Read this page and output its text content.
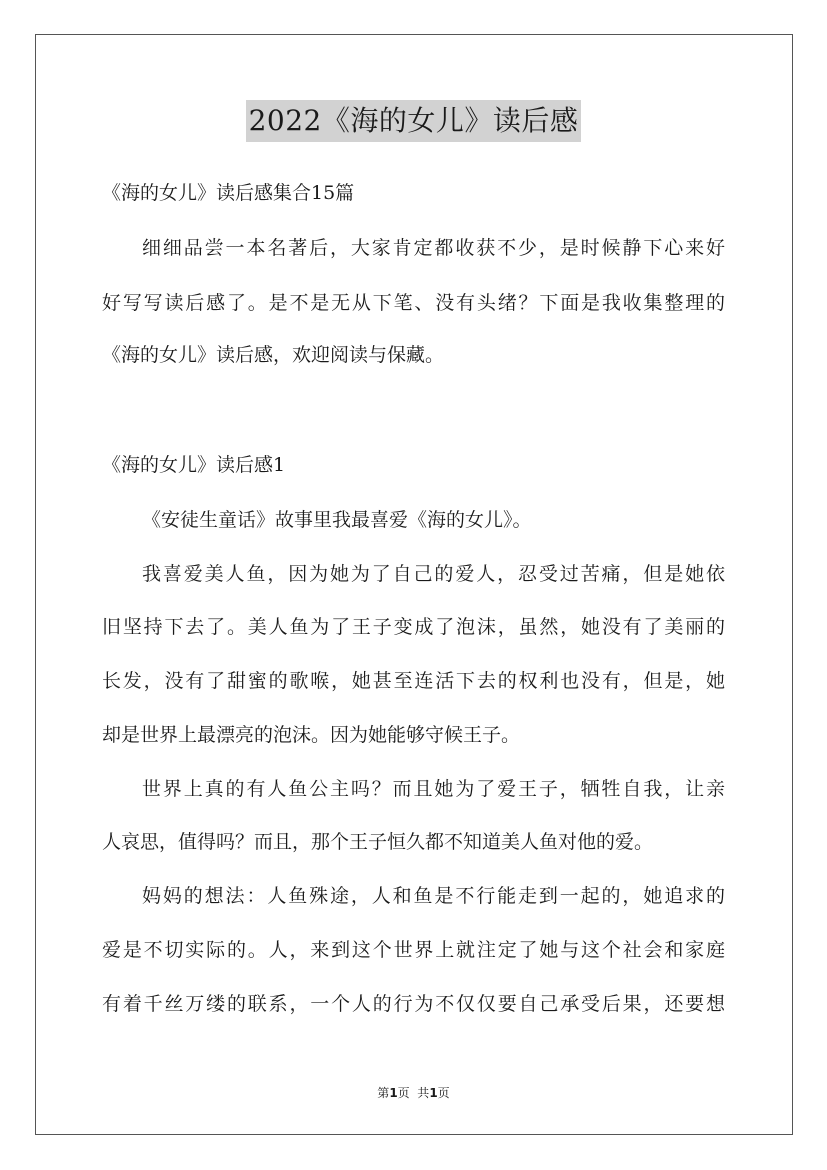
2022《海的女儿》读后感
《海的女儿》读后感集合15篇
细细品尝一本名著后，大家肯定都收获不少，是时候静下心来好
好写写读后感了。是不是无从下笔、没有头绪？下面是我收集整理的
《海的女儿》读后感，欢迎阅读与保藏。
《海的女儿》读后感1
《安徒生童话》故事里我最喜爱《海的女儿》。
我喜爱美人鱼，因为她为了自己的爱人，忍受过苦痛，但是她依
旧坚持下去了。美人鱼为了王子变成了泡沫，虽然，她没有了美丽的
长发，没有了甜蜜的歌喉，她甚至连活下去的权利也没有，但是，她
却是世界上最漂亮的泡沫。因为她能够守候王子。
世界上真的有人鱼公主吗？而且她为了爱王子，牺牲自我，让亲
人哀思，值得吗？而且，那个王子恒久都不知道美人鱼对他的爱。
妈妈的想法：人鱼殊途，人和鱼是不行能走到一起的，她追求的
爱是不切实际的。人，来到这个世界上就注定了她与这个社会和家庭
有着千丝万缕的联系，一个人的行为不仅仅要自己承受后果，还要想
第1页  共1页
